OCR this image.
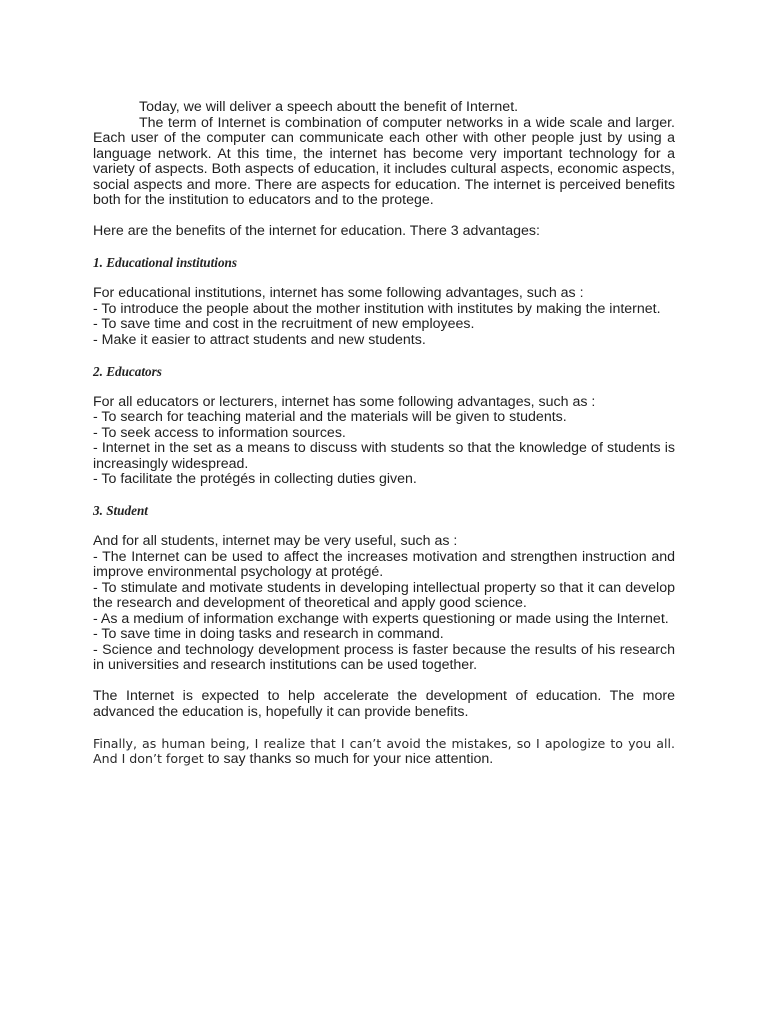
Today, we will deliver a speech aboutt the benefit of Internet.

The term of Internet is combination of computer networks in a wide scale and larger. Each user of the computer can communicate each other with other people just by using a language network. At this time, the internet has become very important technology for a variety of aspects. Both aspects of education, it includes cultural aspects, economic aspects, social aspects and more. There are aspects for education. The internet is perceived benefits both for the institution to educators and to the protege.

Here are the benefits of the internet for education. There 3 advantages:

1. Educational institutions

For educational institutions, internet has some following advantages, such as :

- To introduce the people about the mother institution with institutes by making the internet.

- To save time and cost in the recruitment of new employees.

- Make it easier to attract students and new students.

2. Educators

For all educators or lecturers, internet has some following advantages, such as :

- To search for teaching material and the materials will be given to students.

- To seek access to information sources.

- Internet in the set as a means to discuss with students so that the knowledge of students is increasingly widespread.

- To facilitate the protégés in collecting duties given.

3. Student

And for all students, internet may be very useful, such as :

- The Internet can be used to affect the increases motivation and strengthen instruction and improve environmental psychology at protégé.

- To stimulate and motivate students in developing intellectual property so that it can develop the research and development of theoretical and apply good science.

- As a medium of information exchange with experts questioning or made using the Internet.

- To save time in doing tasks and research in command.

- Science and technology development process is faster because the results of his research in universities and research institutions can be used together.

The Internet is expected to help accelerate the development of education. The more advanced the education is, hopefully it can provide benefits.

Finally, as human being, I realize that I can’t avoid the mistakes, so I apologize to you all. And I don’t forget to say thanks so much for your nice attention.
